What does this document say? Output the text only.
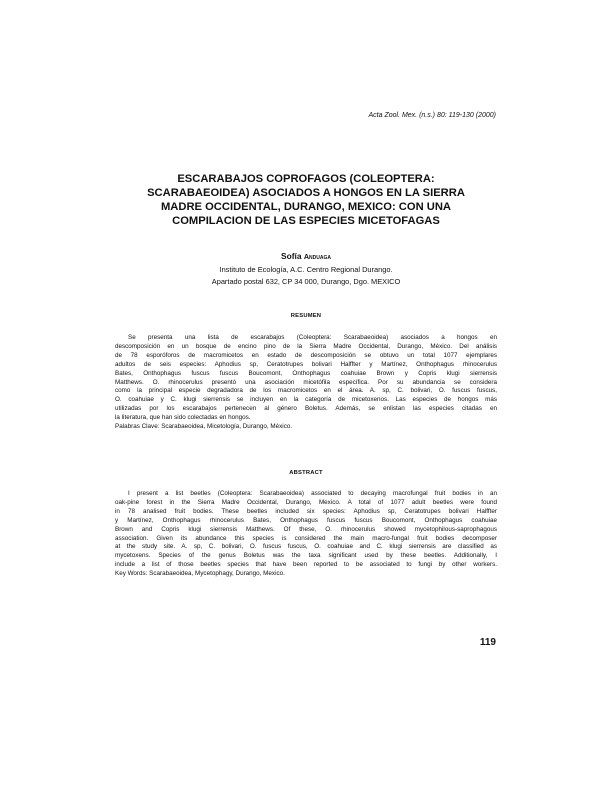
Acta Zool. Mex. (n.s.) 80: 119-130 (2000)
ESCARABAJOS COPROFAGOS (COLEOPTERA:
SCARABAEOIDEA) ASOCIADOS A HONGOS EN LA SIERRA
MADRE OCCIDENTAL, DURANGO, MEXICO: CON UNA
COMPILACION DE LAS ESPECIES MICETOFAGAS
Sofía Anduaga
Instituto de Ecología, A.C. Centro Regional Durango.
Apartado postal 632, CP 34 000, Durango, Dgo. MEXICO
RESUMEN
Se presenta una lista de escarabajos (Coleoptera: Scarabaeoidea) asociados a hongos en
descomposición en un bosque de encino pino de la Sierra Madre Occidental, Durango, México. Del análisis
de 78 esporóforos de macromicetos en estado de descomposición se obtuvo un total 1077 ejemplares
adultos de seis especies: Aphodius sp, Ceratotrupes bolivari Halffter y Martínez, Onthophagus rhinocerulus
Bates, Onthophagus fuscus fuscus Boucomont, Onthophagus coahuiae Brown y Copris klugi sierrensis
Matthews. O. rhinocerulus presentó una asociación micetófila específica. Por su abundancia se considera
como la principal especie degradadora de los macromicetos en el área. A. sp, C. bolivari, O. fuscus fuscus,
O. coahuiae y C. klugi sierrensis se incluyen en la categoría de micetoxenos. Las especies de hongos más
utilizadas por los escarabajos pertenecen al género Boletus. Además, se enlistan las especies citadas en
la literatura, que han sido colectadas en hongos.
Palabras Clave: Scarabaeoidea, Micetología, Durango, México.
ABSTRACT
I present a list beetles (Coleoptera: Scarabaeoidea) associated to decaying macrofungal fruit bodies in an
oak-pine forest in the Sierra Madre Occidental, Durango, Mexico. A total of 1077 adult beetles were found
in 78 analised fruit bodies. These beetles included six species: Aphodius sp, Ceratotrupes bolivari Halffter
y Martínez, Onthophagus rhinocerulus Bates, Onthophagus fuscus fuscus Boucomont, Onthophagus coahuiae
Brown and Copris klugi sierrensis Matthews. Of these, O. rhinocerulus showed mycetophilous-saprophagous
association. Given its abundance this species is considered the main macro-fungal fruit bodies decomposer
at the study site. A. sp, C. bolivari, O. fuscus fuscus, O. coahuiae and C. klugi sierrensis are classified as
mycetoxens. Species of the genus Boletus was the taxa significant used by these beetles. Additionally, I
include a list of those beetles species that have been reported to be associated to fungi by other workers.
Key Words: Scarabaeoidea, Mycetophagy, Durango, Mexico.
119
